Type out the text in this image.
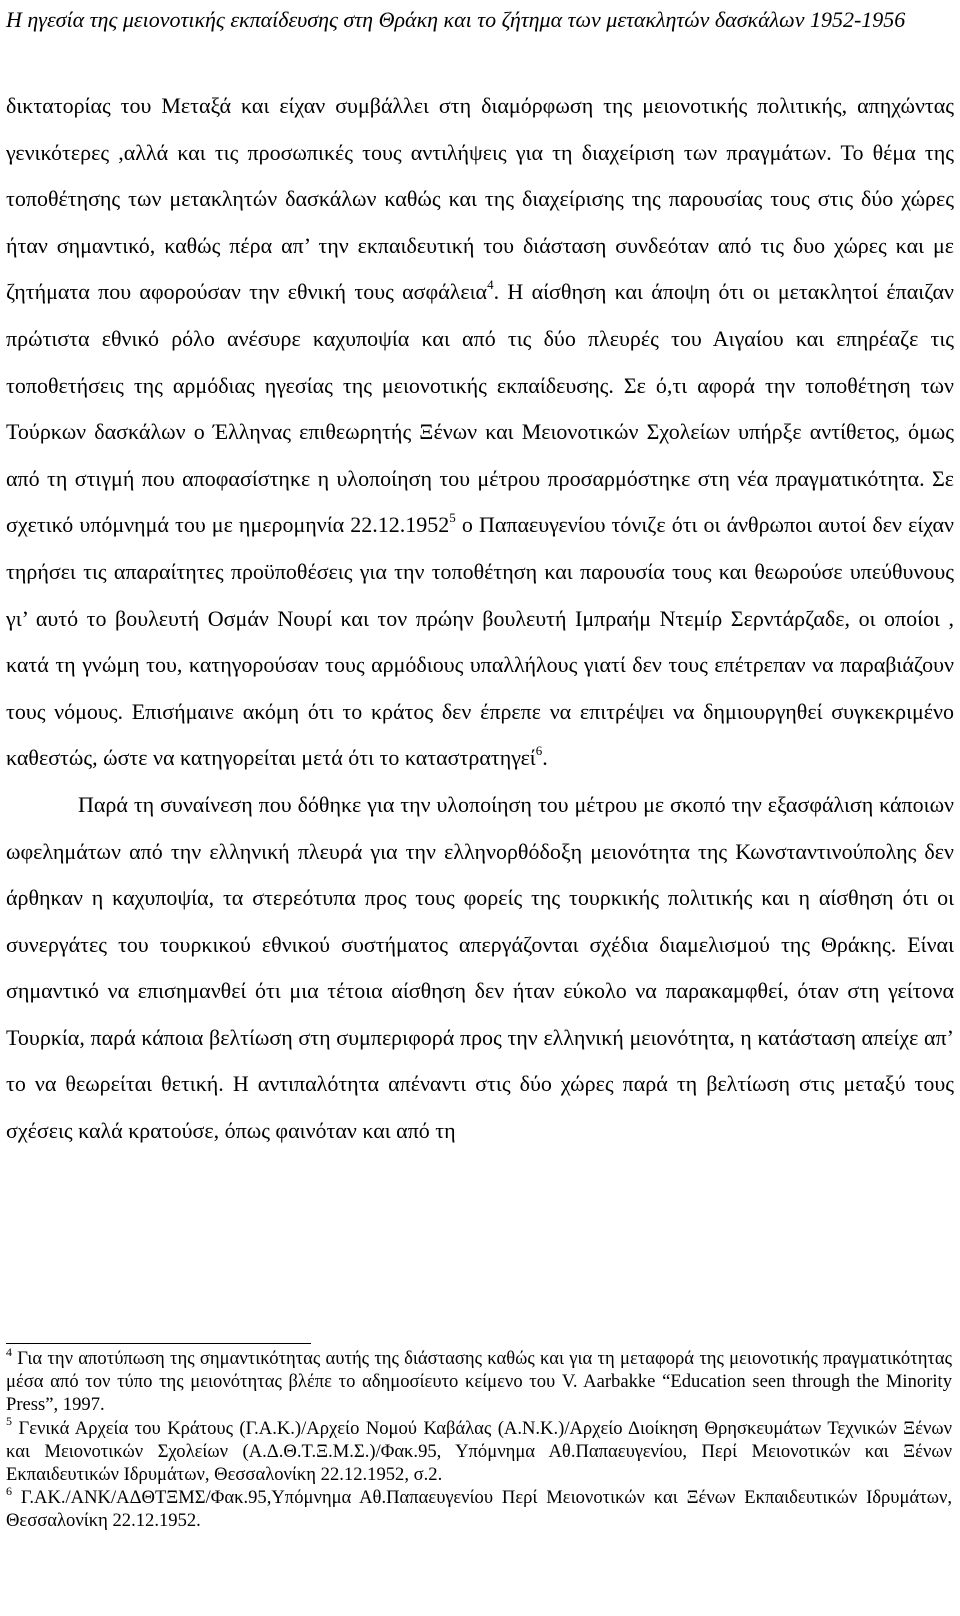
Η ηγεσία της μειονοτικής εκπαίδευσης στη Θράκη και το ζήτημα των μετακλητών δασκάλων 1952-1956

δικτατορίας του Μεταξά και είχαν συμβάλλει στη διαμόρφωση της μειονοτικής πολιτικής, απηχώντας γενικότερες ,αλλά και τις προσωπικές τους αντιλήψεις για τη διαχείριση των πραγμάτων. Το θέμα της τοποθέτησης των μετακλητών δασκάλων καθώς και της διαχείρισης της παρουσίας τους στις δύο χώρες ήταν σημαντικό, καθώς πέρα απ’ την εκπαιδευτική του διάσταση συνδεόταν από τις δυο χώρες και με ζητήματα που αφορούσαν την εθνική τους ασφάλεια$^4$. Η αίσθηση και άποψη ότι οι μετακλητοί έπαιζαν πρώτιστα εθνικό ρόλο ανέσυρε καχυποψία και από τις δύο πλευρές του Αιγαίου και επηρέαζε τις τοποθετήσεις της αρμόδιας ηγεσίας της μειονοτικής εκπαίδευσης. Σε ό,τι αφορά την τοποθέτηση των Τούρκων δασκάλων ο Έλληνας επιθεωρητής Ξένων και Μειονοτικών Σχολείων υπήρξε αντίθετος, όμως από τη στιγμή που αποφασίστηκε η υλοποίηση του μέτρου προσαρμόστηκε στη νέα πραγματικότητα. Σε σχετικό υπόμνημά του με ημερομηνία 22.12.1952$^5$ ο Παπαευγενίου τόνιζε ότι οι άνθρωποι αυτοί δεν είχαν τηρήσει τις απαραίτητες προϋποθέσεις για την τοποθέτηση και παρουσία τους και θεωρούσε υπεύθυνους γι’ αυτό το βουλευτή Οσμάν Νουρί και τον πρώην βουλευτή Ιμπραήμ Ντεμίρ Σερντάρζαδε, οι οποίοι , κατά τη γνώμη του, κατηγορούσαν τους αρμόδιους υπαλλήλους γιατί δεν τους επέτρεπαν να παραβιάζουν τους νόμους. Επισήμαινε ακόμη ότι το κράτος δεν έπρεπε να επιτρέψει να δημιουργηθεί συγκεκριμένο καθεστώς, ώστε να κατηγορείται μετά ότι το καταστρατηγεί$^6$.

Παρά τη συναίνεση που δόθηκε για την υλοποίηση του μέτρου με σκοπό την εξασφάλιση κάποιων ωφελημάτων από την ελληνική πλευρά για την ελληνορθόδοξη μειονότητα της Κωνσταντινούπολης δεν άρθηκαν η καχυποψία, τα στερεότυπα προς τους φορείς της τουρκικής πολιτικής και η αίσθηση ότι οι συνεργάτες του τουρκικού εθνικού συστήματος απεργάζονται σχέδια διαμελισμού της Θράκης. Είναι σημαντικό να επισημανθεί ότι μια τέτοια αίσθηση δεν ήταν εύκολο να παρακαμφθεί, όταν στη γείτονα Τουρκία, παρά κάποια βελτίωση στη συμπεριφορά προς την ελληνική μειονότητα, η κατάσταση απείχε απ’ το να θεωρείται θετική. Η αντιπαλότητα απέναντι στις δύο χώρες παρά τη βελτίωση στις μεταξύ τους σχέσεις καλά κρατούσε, όπως φαινόταν και από τη

$^4$ Για την αποτύπωση της σημαντικότητας αυτής της διάστασης καθώς και για τη μεταφορά της μειονοτικής πραγματικότητας μέσα από τον τύπο της μειονότητας βλέπε το αδημοσίευτο κείμενο του V. Aarbakke “Education seen through the Minority Press”, 1997.

$^5$ Γενικά Αρχεία του Κράτους (Γ.Α.Κ.)/Αρχείο Νομού Καβάλας (Α.Ν.Κ.)/Αρχείο Διοίκηση Θρησκευμάτων Τεχνικών Ξένων και Μειονοτικών Σχολείων (Α.Δ.Θ.Τ.Ξ.Μ.Σ.)/Φακ.95, Υπόμνημα Αθ.Παπαευγενίου, Περί Μειονοτικών και Ξένων Εκπαιδευτικών Ιδρυμάτων, Θεσσαλονίκη 22.12.1952, σ.2.

$^6$ Γ.ΑΚ./ΑΝΚ/ΑΔΘΤΞΜΣ/Φακ.95,Υπόμνημα Αθ.Παπαευγενίου Περί Μειονοτικών και Ξένων Εκπαιδευτικών Ιδρυμάτων, Θεσσαλονίκη 22.12.1952.
